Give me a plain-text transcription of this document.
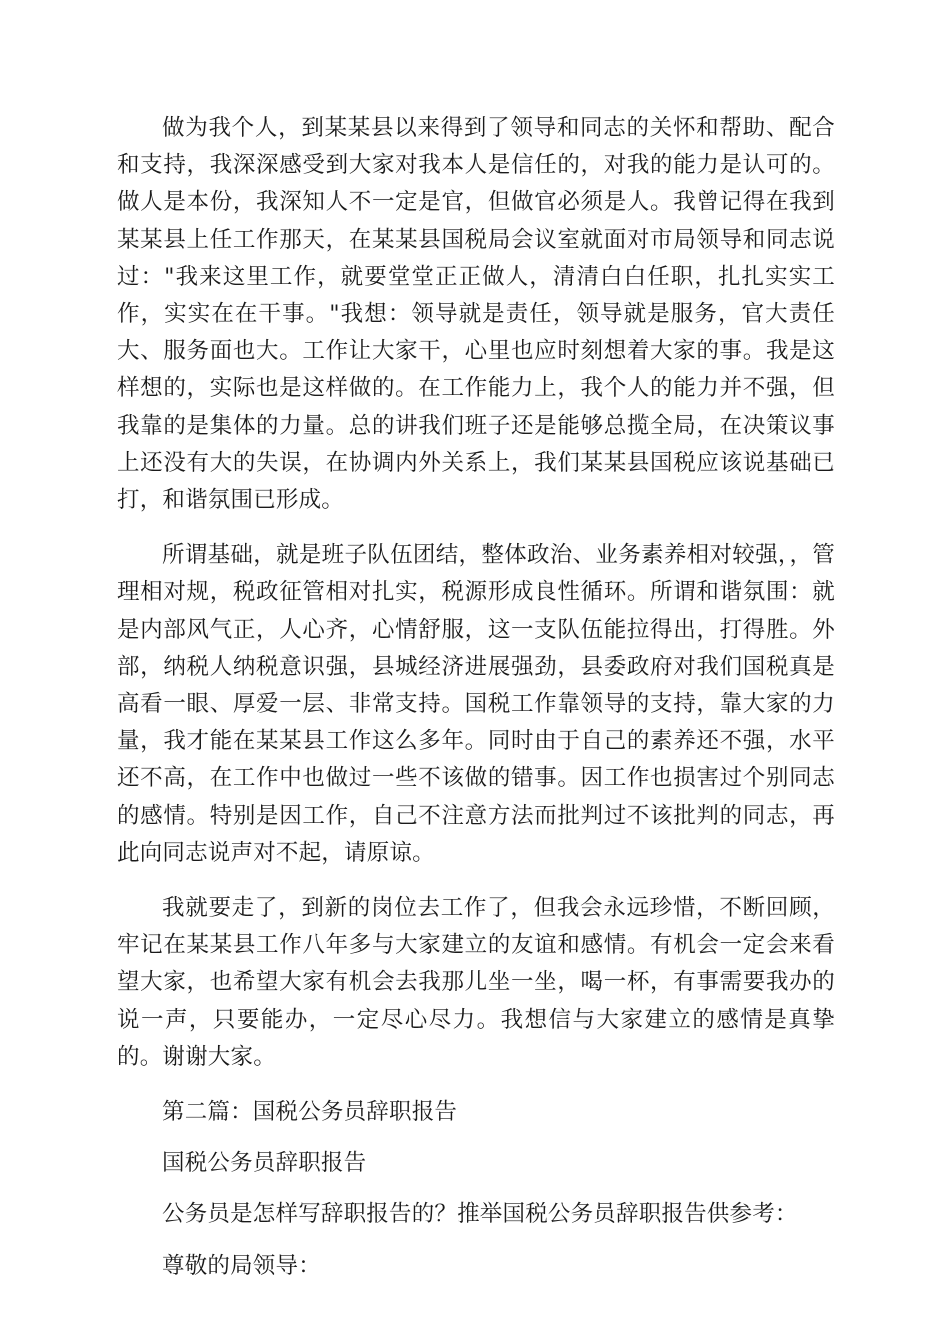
做为我个人，到某某县以来得到了领导和同志的关怀和帮助、配合和支持，我深深感受到大家对我本人是信任的，对我的能力是认可的。做人是本份，我深知人不一定是官，但做官必须是人。我曾记得在我到某某县上任工作那天，在某某县国税局会议室就面对市局领导和同志说过："我来这里工作，就要堂堂正正做人，清清白白任职，扎扎实实工作，实实在在干事。"我想：领导就是责任，领导就是服务，官大责任大、服务面也大。工作让大家干，心里也应时刻想着大家的事。我是这样想的，实际也是这样做的。在工作能力上，我个人的能力并不强，但我靠的是集体的力量。总的讲我们班子还是能够总揽全局，在决策议事上还没有大的失误，在协调内外关系上，我们某某县国税应该说基础已打，和谐氛围已形成。

所谓基础，就是班子队伍团结，整体政治、业务素养相对较强，，管理相对规，税政征管相对扎实，税源形成良性循环。所谓和谐氛围：就是内部风气正，人心齐，心情舒服，这一支队伍能拉得出，打得胜。外部，纳税人纳税意识强，县城经济进展强劲，县委政府对我们国税真是高看一眼、厚爱一层、非常支持。国税工作靠领导的支持，靠大家的力量，我才能在某某县工作这么多年。同时由于自己的素养还不强，水平还不高，在工作中也做过一些不该做的错事。因工作也损害过个别同志的感情。特别是因工作，自己不注意方法而批判过不该批判的同志，再此向同志说声对不起，请原谅。

我就要走了，到新的岗位去工作了，但我会永远珍惜，不断回顾，牢记在某某县工作八年多与大家建立的友谊和感情。有机会一定会来看望大家，也希望大家有机会去我那儿坐一坐，喝一杯，有事需要我办的说一声，只要能办，一定尽心尽力。我想信与大家建立的感情是真挚的。谢谢大家。

第二篇：国税公务员辞职报告

国税公务员辞职报告

公务员是怎样写辞职报告的？推举国税公务员辞职报告供参考：

尊敬的局领导：
